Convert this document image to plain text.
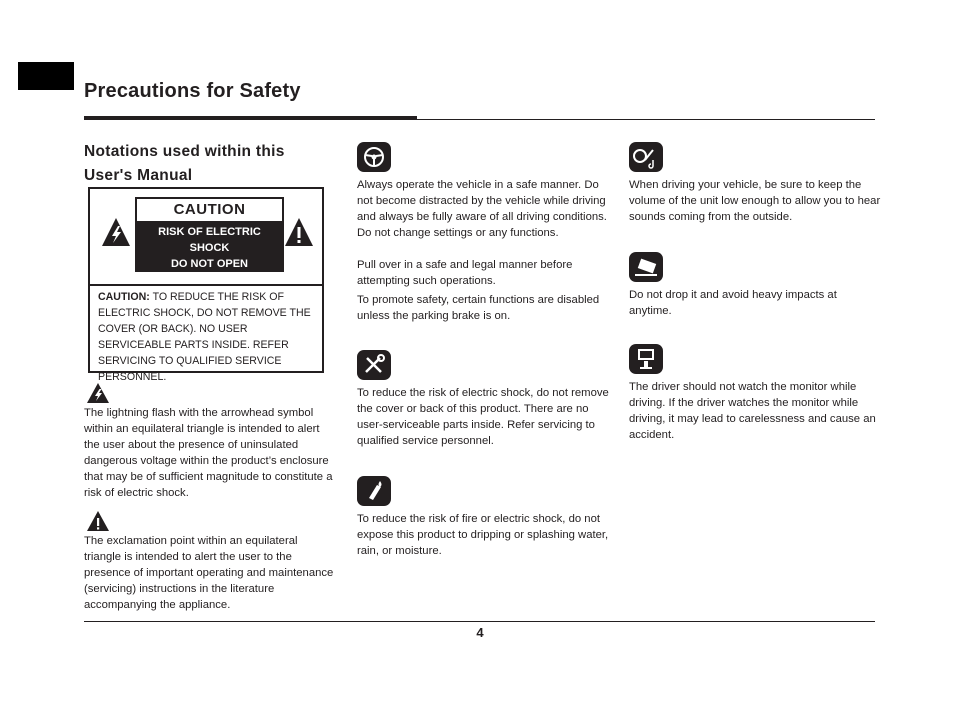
Precautions for Safety
Notations used within this User's Manual
CAUTION
RISK OF ELECTRIC
SHOCK
DO NOT OPEN
CAUTION: TO REDUCE THE RISK OF ELECTRIC SHOCK, DO NOT REMOVE THE COVER (OR BACK). NO USER SERVICEABLE PARTS INSIDE. REFER SERVICING TO QUALIFIED SERVICE PERSONNEL.

The lightning flash with the arrowhead symbol within an equilateral triangle is intended to alert the user about the presence of uninsulated dangerous voltage within the product’s enclosure that may be of sufficient magnitude to constitute a risk of electric shock.

The exclamation point within an equilateral triangle is intended to alert the user to the presence of important operating and maintenance (servicing) instructions in the literature accompanying the appliance.

Always operate the vehicle in a safe manner. Do not become distracted by the vehicle while driving and always be fully aware of all driving conditions. Do not change settings or any functions.

Pull over in a safe and legal manner before attempting such operations.

To promote safety, certain functions are disabled unless the parking brake is on.

To reduce the risk of electric shock, do not remove the cover or back of this product. There are no user-serviceable parts inside. Refer servicing to qualified service personnel.

To reduce the risk of fire or electric shock, do not expose this product to dripping or splashing water, rain, or moisture.

When driving your vehicle, be sure to keep the volume of the unit low enough to allow you to hear sounds coming from the outside.

Do not drop it and avoid heavy impacts at anytime.

The driver should not watch the monitor while driving. If the driver watches the monitor while driving, it may lead to carelessness and cause an accident.

4
